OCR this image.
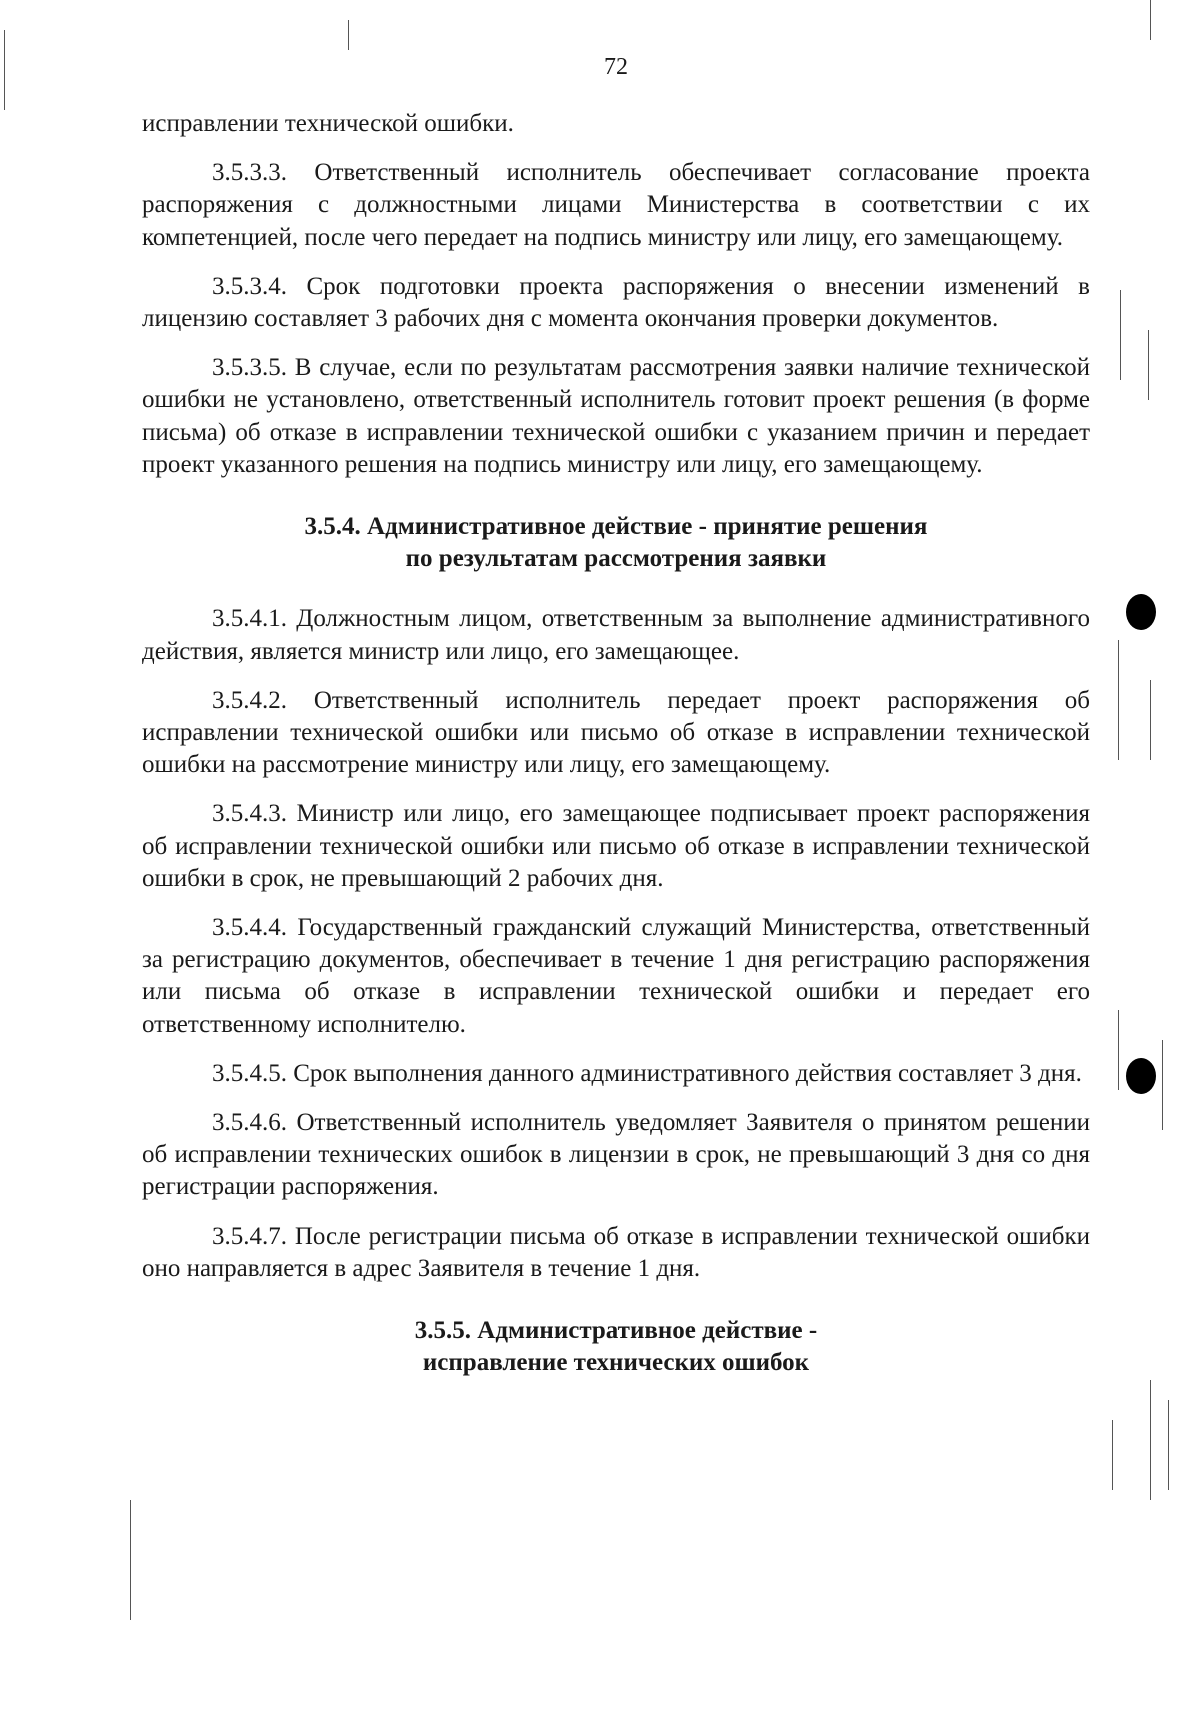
72

исправлении технической ошибки.

3.5.3.3. Ответственный исполнитель обеспечивает согласование проекта распоряжения с должностными лицами Министерства в соответствии с их компетенцией, после чего передает на подпись министру или лицу, его замещающему.

3.5.3.4. Срок подготовки проекта распоряжения о внесении изменений в лицензию составляет 3 рабочих дня с момента окончания проверки документов.

3.5.3.5. В случае, если по результатам рассмотрения заявки наличие технической ошибки не установлено, ответственный исполнитель готовит проект решения (в форме письма) об отказе в исправлении технической ошибки с указанием причин и передает проект указанного решения на подпись министру или лицу, его замещающему.

3.5.4. Административное действие - принятие решения
по результатам рассмотрения заявки

3.5.4.1. Должностным лицом, ответственным за выполнение административного действия, является министр или лицо, его замещающее.

3.5.4.2. Ответственный исполнитель передает проект распоряжения об исправлении технической ошибки или письмо об отказе в исправлении технической ошибки на рассмотрение министру или лицу, его замещающему.

3.5.4.3. Министр или лицо, его замещающее подписывает проект распоряжения об исправлении технической ошибки или письмо об отказе в исправлении технической ошибки в срок, не превышающий 2 рабочих дня.

3.5.4.4. Государственный гражданский служащий Министерства, ответственный за регистрацию документов, обеспечивает в течение 1 дня регистрацию распоряжения или письма об отказе в исправлении технической ошибки и передает его ответственному исполнителю.

3.5.4.5. Срок выполнения данного административного действия составляет 3 дня.

3.5.4.6. Ответственный исполнитель уведомляет Заявителя о принятом решении об исправлении технических ошибок в лицензии в срок, не превышающий 3 дня со дня регистрации распоряжения.

3.5.4.7. После регистрации письма об отказе в исправлении технической ошибки оно направляется в адрес Заявителя в течение 1 дня.

3.5.5. Административное действие -
исправление технических ошибок
